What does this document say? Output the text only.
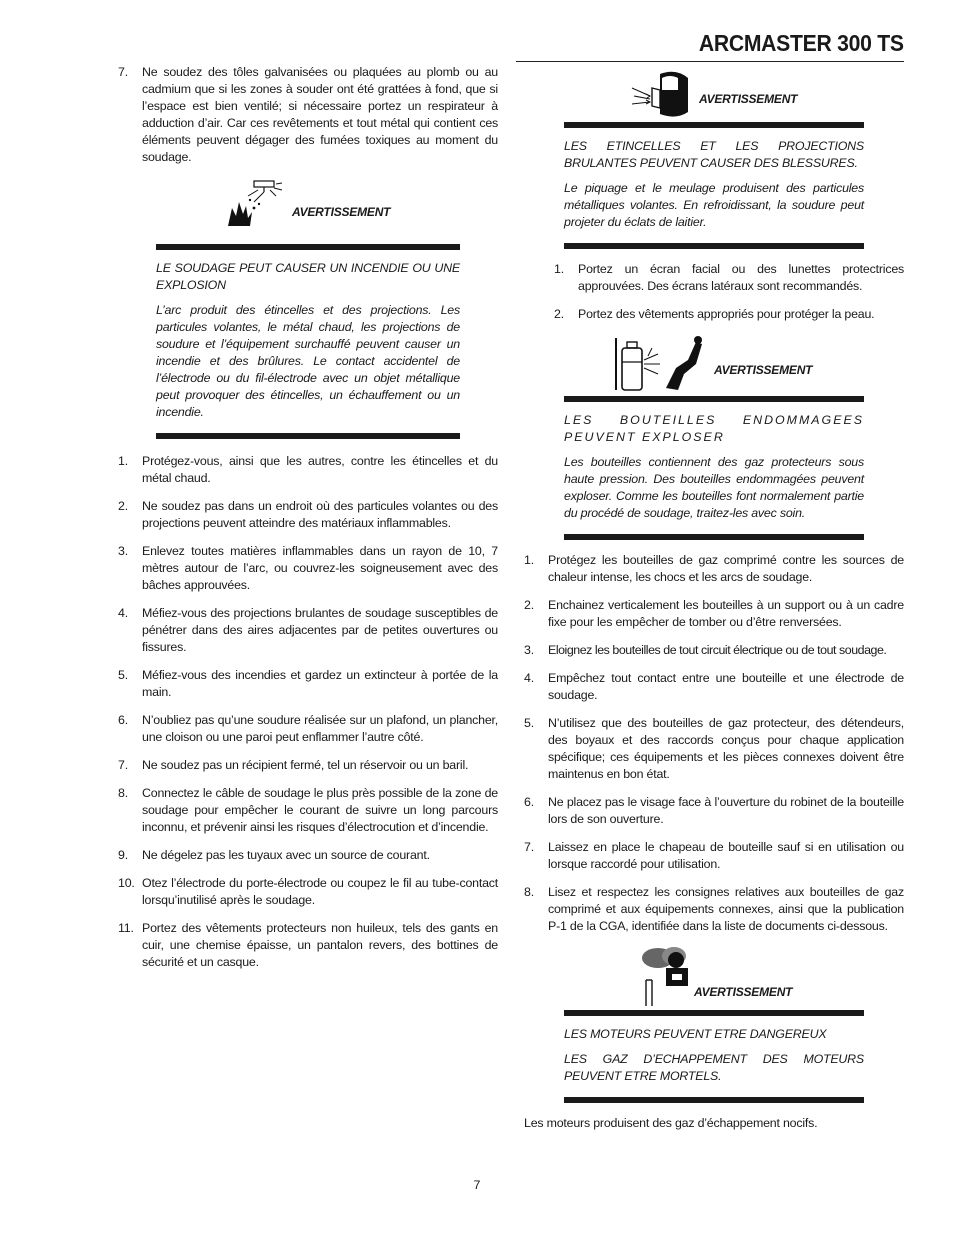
ARCMASTER 300 TS
7.	Ne soudez des tôles galvanisées ou plaquées au plomb ou au cadmium que si les zones à souder ont été grattées à fond, que si l’espace est bien ventilé; si nécessaire portez un respirateur à adduction d’air. Car ces revêtements et tout métal qui contient ces éléments peuvent dégager des fumées toxiques au moment du soudage.
AVERTISSEMENT

LE SOUDAGE PEUT CAUSER UN INCENDIE OU UNE EXPLOSION

L’arc produit des étincelles et des projections. Les particules volantes, le métal chaud, les projections de soudure et l’équipement surchauffé peuvent causer un incendie et des brûlures. Le contact accidentel de l’électrode ou du fil-électrode avec un objet métallique peut provoquer des étincelles, un échauffement ou un incendie.

1.	Protégez-vous, ainsi que les autres, contre les étincelles et du métal chaud.
2.	Ne soudez pas dans un endroit où des particules volantes ou des projections peuvent atteindre des matériaux inflammables.
3.	Enlevez toutes matières inflammables dans un rayon de 10, 7 mètres autour de l’arc, ou couvrez-les soigneusement avec des bâches approuvées.
4.	Méfiez-vous des projections brulantes de soudage susceptibles de pénétrer dans des aires adjacentes par de petites ouvertures ou fissures.
5.	Méfiez-vous des incendies et gardez un extincteur à portée de la main.
6.	N’oubliez pas qu’une soudure réalisée sur un plafond, un plancher, une cloison ou une paroi peut enflammer l’autre côté.
7.	Ne soudez pas un récipient fermé, tel un réservoir ou un baril.
8.	Connectez le câble de soudage le plus près possible de la zone de soudage pour empêcher le courant de suivre un long parcours inconnu, et prévenir ainsi les risques d’électrocution et d’incendie.
9.	Ne dégelez pas les tuyaux avec un source de courant.
10. Otez l’électrode du porte-électrode ou coupez le fil au tube-contact lorsqu’inutilisé après le soudage.
11. Portez des vêtements protecteurs non huileux, tels des gants en cuir, une chemise épaisse, un pantalon revers, des bottines de sécurité et un casque.
AVERTISSEMENT

LES ETINCELLES ET LES PROJECTIONS BRULANTES PEUVENT CAUSER DES BLESSURES.

Le piquage et le meulage produisent des particules métalliques volantes. En refroidissant, la soudure peut projeter du éclats de laitier.

1.	Portez un écran facial ou des lunettes protectrices approuvées. Des écrans latéraux sont recommandés.
2.	Portez des vêtements appropriés pour protéger la peau.
AVERTISSEMENT

LES BOUTEILLES ENDOMMAGEES PEUVENT EXPLOSER

Les bouteilles contiennent des gaz protecteurs sous haute pression. Des bouteilles endommagées peuvent exploser. Comme les bouteilles font normalement partie du procédé de soudage, traitez-les avec soin.

1.	Protégez les bouteilles de gaz comprimé contre les sources de chaleur intense, les chocs et les arcs de soudage.
2.	Enchainez verticalement les bouteilles à un support ou à un cadre fixe pour les empêcher de tomber ou d’être renversées.
3.	Eloignez les bouteilles de tout circuit électrique ou de tout soudage.
4.	Empêchez tout contact entre une bouteille et une électrode de soudage.
5.	N’utilisez que des bouteilles de gaz protecteur, des détendeurs, des boyaux et des raccords conçus pour chaque application spécifique; ces équipements et les pièces connexes doivent être maintenus en bon état.
6.	Ne placez pas le visage face à l’ouverture du robinet de la bouteille lors de son ouverture.
7.	Laissez en place le chapeau de bouteille sauf si en utilisation ou lorsque raccordé pour utilisation.
8.	Lisez et respectez les consignes relatives aux bouteilles de gaz comprimé et aux équipements connexes, ainsi que la publication P-1 de la CGA, identifiée dans la liste de documents ci-dessous.
AVERTISSEMENT

LES MOTEURS PEUVENT ETRE DANGEREUX

LES GAZ D’ECHAPPEMENT DES MOTEURS PEUVENT ETRE MORTELS.

Les moteurs produisent des gaz d’échappement nocifs.
7
